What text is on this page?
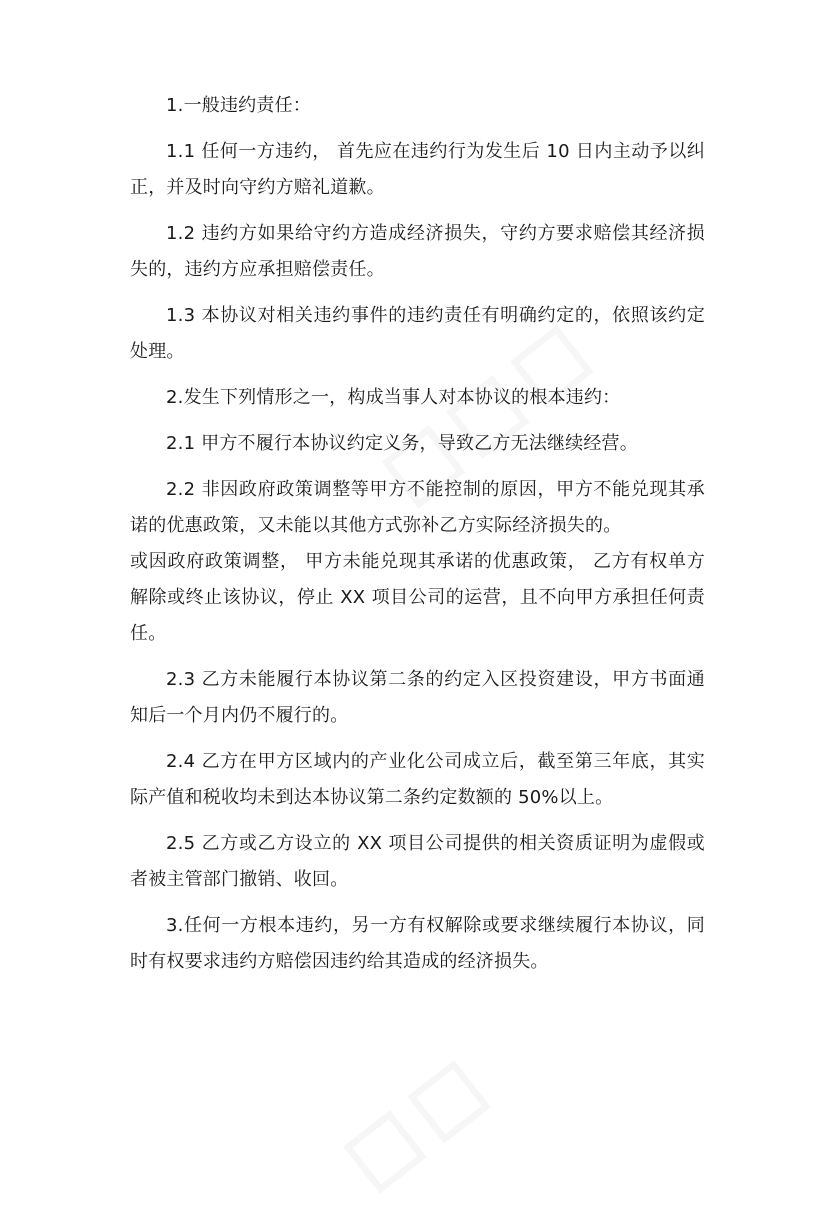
1.一般违约责任：

1.1 任何一方违约， 首先应在违约行为发生后 10 日内主动予以纠正，并及时向守约方赔礼道歉。

1.2 违约方如果给守约方造成经济损失，守约方要求赔偿其经济损失的，违约方应承担赔偿责任。

1.3 本协议对相关违约事件的违约责任有明确约定的，依照该约定处理。

2.发生下列情形之一，构成当事人对本协议的根本违约：

2.1 甲方不履行本协议约定义务，导致乙方无法继续经营。

2.2 非因政府政策调整等甲方不能控制的原因，甲方不能兑现其承诺的优惠政策，又未能以其他方式弥补乙方实际经济损失的。

或因政府政策调整， 甲方未能兑现其承诺的优惠政策， 乙方有权单方解除或终止该协议，停止 XX 项目公司的运营，且不向甲方承担任何责任。

2.3 乙方未能履行本协议第二条的约定入区投资建设，甲方书面通知后一个月内仍不履行的。

2.4 乙方在甲方区域内的产业化公司成立后，截至第三年底，其实际产值和税收均未到达本协议第二条约定数额的 50%以上。

2.5 乙方或乙方设立的 XX 项目公司提供的相关资质证明为虚假或者被主管部门撤销、收回。

3.任何一方根本违约，另一方有权解除或要求继续履行本协议，同时有权要求违约方赔偿因违约给其造成的经济损失。
